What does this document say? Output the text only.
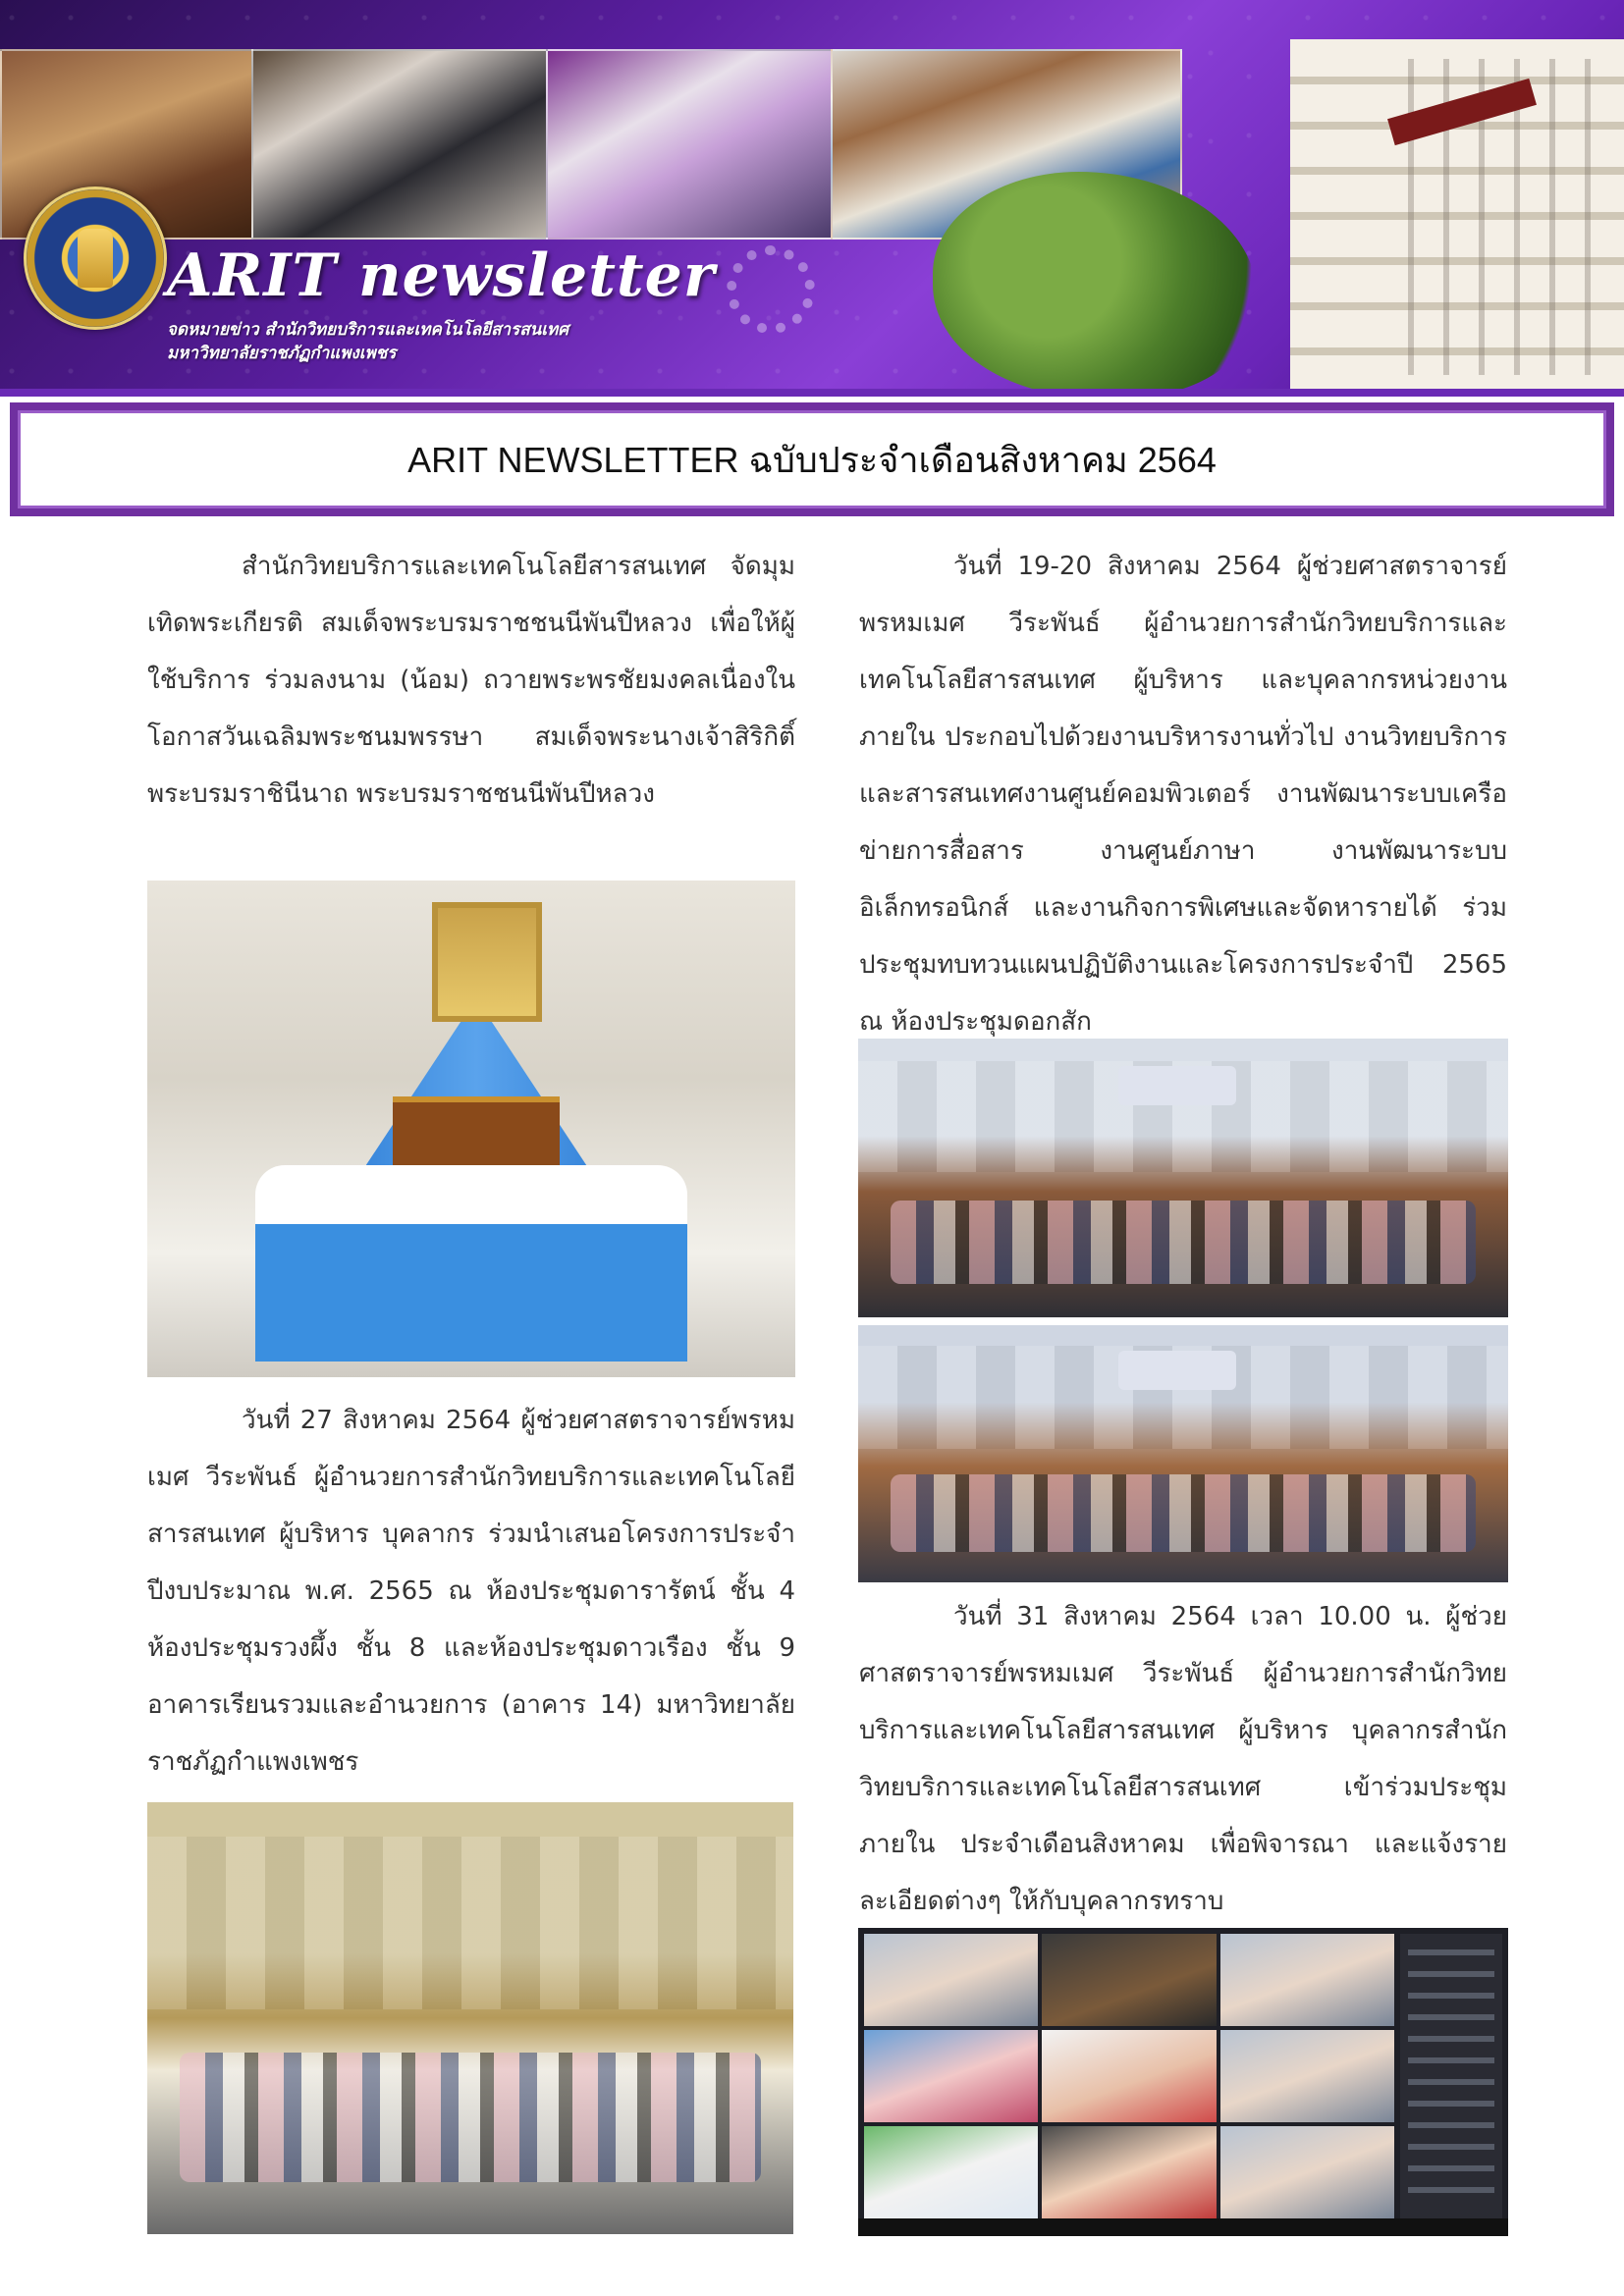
ARIT newsletter
จดหมายข่าว สำนักวิทยบริการและเทคโนโลยีสารสนเทศ
มหาวิทยาลัยราชภัฏกำแพงเพชร
ARIT NEWSLETTER ฉบับประจำเดือนสิงหาคม 2564

สำนักวิทยบริการและเทคโนโลยีสารสนเทศ จัดมุมเทิดพระเกียรติ สมเด็จพระบรมราชชนนีพันปีหลวง เพื่อให้ผู้ใช้บริการ ร่วมลงนาม (น้อม) ถวายพระพรชัยมงคลเนื่องในโอกาสวันเฉลิมพระชนมพรรษา สมเด็จพระนางเจ้าสิริกิติ์ พระบรมราชินีนาถ พระบรมราชชนนีพันปีหลวง

วันที่ 27 สิงหาคม 2564 ผู้ช่วยศาสตราจารย์พรหมเมศ วีระพันธ์ ผู้อำนวยการสำนักวิทยบริการและเทคโนโลยีสารสนเทศ ผู้บริหาร บุคลากร ร่วมนำเสนอโครงการประจำปีงบประมาณ พ.ศ. 2565 ณ ห้องประชุมดารารัตน์ ชั้น 4 ห้องประชุมรวงผึ้ง ชั้น 8 และห้องประชุมดาวเรือง ชั้น 9 อาคารเรียนรวมและอำนวยการ (อาคาร 14) มหาวิทยาลัยราชภัฏกำแพงเพชร

วันที่ 19-20 สิงหาคม 2564 ผู้ช่วยศาสตราจารย์พรหมเมศ วีระพันธ์ ผู้อำนวยการสำนักวิทยบริการและเทคโนโลยีสารสนเทศ ผู้บริหาร และบุคลากรหน่วยงานภายใน ประกอบไปด้วยงานบริหารงานทั่วไป งานวิทยบริการและสารสนเทศงานศูนย์คอมพิวเตอร์ งานพัฒนาระบบเครือข่ายการสื่อสาร งานศูนย์ภาษา งานพัฒนาระบบอิเล็กทรอนิกส์ และงานกิจการพิเศษและจัดหารายได้ ร่วมประชุมทบทวนแผนปฏิบัติงานและโครงการประจำปี 2565 ณ ห้องประชุมดอกสัก

วันที่ 31 สิงหาคม 2564 เวลา 10.00 น. ผู้ช่วยศาสตราจารย์พรหมเมศ วีระพันธ์ ผู้อำนวยการสำนักวิทยบริการและเทคโนโลยีสารสนเทศ ผู้บริหาร บุคลากรสำนักวิทยบริการและเทคโนโลยีสารสนเทศ เข้าร่วมประชุมภายใน ประจำเดือนสิงหาคม เพื่อพิจารณา และแจ้งรายละเอียดต่างๆ ให้กับบุคลากรทราบ
